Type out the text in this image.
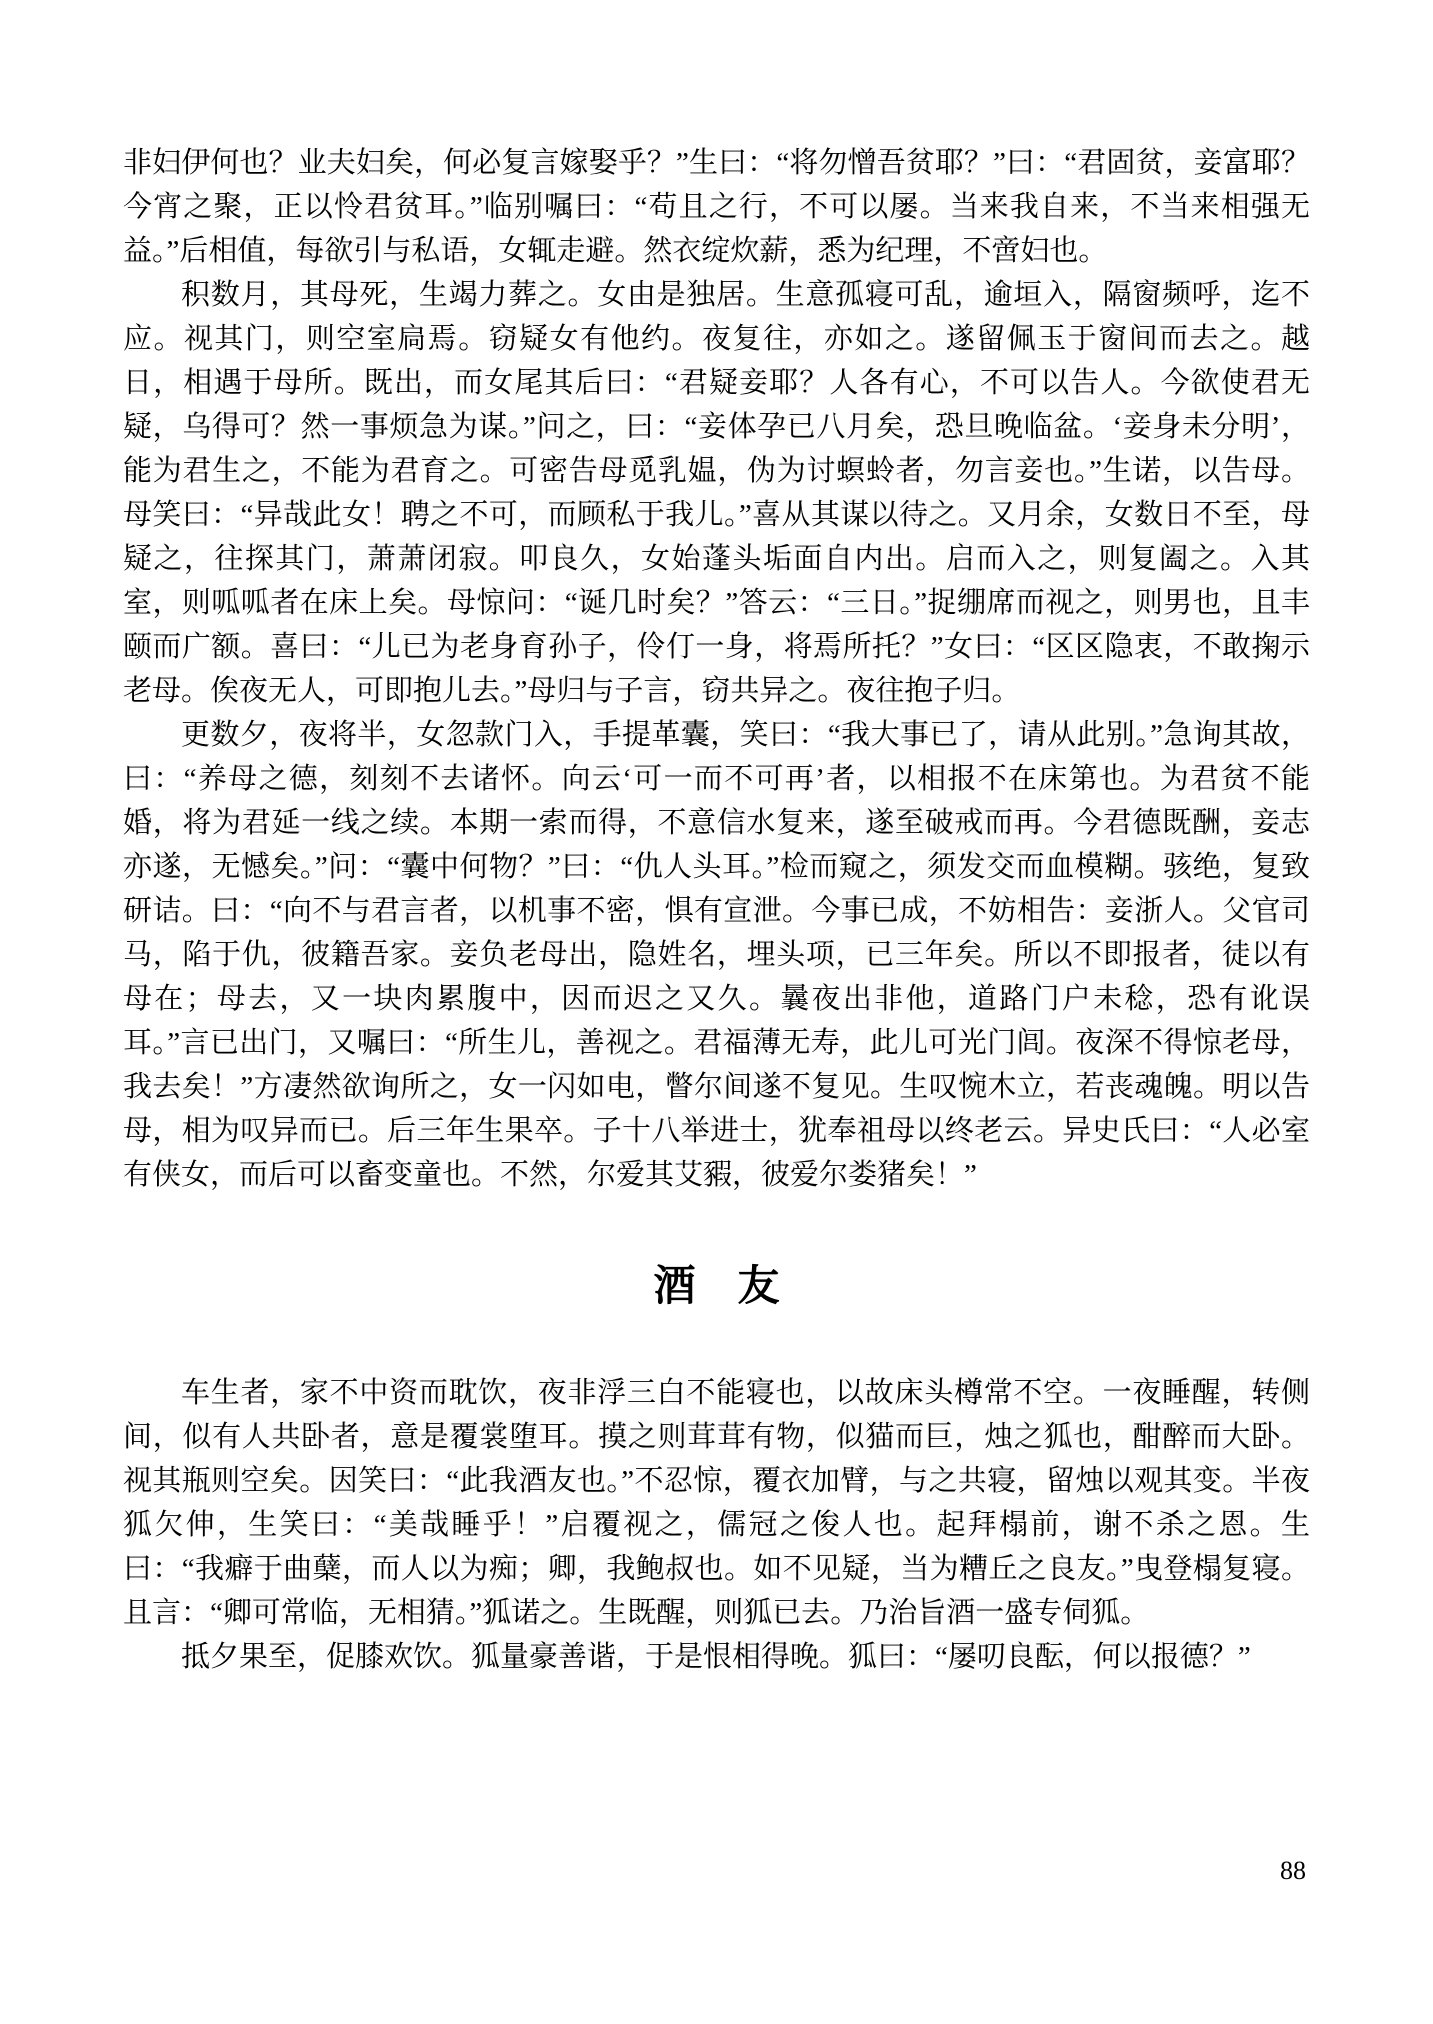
非妇伊何也？业夫妇矣，何必复言嫁娶乎？”生曰：“将勿憎吾贫耶？”曰：“君固贫，妾富耶？今宵之聚，正以怜君贫耳。”临别嘱曰：“苟且之行，不可以屡。当来我自来，不当来相强无益。”后相值，每欲引与私语，女辄走避。然衣绽炊薪，悉为纪理，不啻妇也。

积数月，其母死，生竭力葬之。女由是独居。生意孤寝可乱，逾垣入，隔窗频呼，迄不应。视其门，则空室扃焉。窃疑女有他约。夜复往，亦如之。遂留佩玉于窗间而去之。越日，相遇于母所。既出，而女尾其后曰：“君疑妾耶？人各有心，不可以告人。今欲使君无疑，乌得可？然一事烦急为谋。”问之，曰：“妾体孕已八月矣，恐旦晚临盆。‘妾身未分明’，能为君生之，不能为君育之。可密告母觅乳媪，伪为讨螟蛉者，勿言妾也。”生诺，以告母。母笑曰：“异哉此女！聘之不可，而顾私于我儿。”喜从其谋以待之。又月余，女数日不至，母疑之，往探其门，萧萧闭寂。叩良久，女始蓬头垢面自内出。启而入之，则复阖之。入其室，则呱呱者在床上矣。母惊问：“诞几时矣？”答云：“三日。”捉绷席而视之，则男也，且丰颐而广额。喜曰：“儿已为老身育孙子，伶仃一身，将焉所托？”女曰：“区区隐衷，不敢掬示老母。俟夜无人，可即抱儿去。”母归与子言，窃共异之。夜往抱子归。

更数夕，夜将半，女忽款门入，手提革囊，笑曰：“我大事已了，请从此别。”急询其故，曰：“养母之德，刻刻不去诸怀。向云‘可一而不可再’者，以相报不在床第也。为君贫不能婚，将为君延一线之续。本期一索而得，不意信水复来，遂至破戒而再。今君德既酬，妾志亦遂，无憾矣。”问：“囊中何物？”曰：“仇人头耳。”检而窥之，须发交而血模糊。骇绝，复致研诘。曰：“向不与君言者，以机事不密，惧有宣泄。今事已成，不妨相告：妾浙人。父官司马，陷于仇，彼籍吾家。妾负老母出，隐姓名，埋头项，已三年矣。所以不即报者，徒以有母在；母去，又一块肉累腹中，因而迟之又久。曩夜出非他，道路门户未稔，恐有讹误耳。”言已出门，又嘱曰：“所生儿，善视之。君福薄无寿，此儿可光门闾。夜深不得惊老母，我去矣！”方凄然欲询所之，女一闪如电，瞥尔间遂不复见。生叹惋木立，若丧魂魄。明以告母，相为叹异而已。后三年生果卒。子十八举进士，犹奉祖母以终老云。异史氏曰：“人必室有侠女，而后可以畜变童也。不然，尔爱其艾豭，彼爱尔娄猪矣！”

酒　友

车生者，家不中资而耽饮，夜非浮三白不能寝也，以故床头樽常不空。一夜睡醒，转侧间，似有人共卧者，意是覆裳堕耳。摸之则茸茸有物，似猫而巨，烛之狐也，酣醉而大卧。视其瓶则空矣。因笑曰：“此我酒友也。”不忍惊，覆衣加臂，与之共寝，留烛以观其变。半夜狐欠伸，生笑曰：“美哉睡乎！”启覆视之，儒冠之俊人也。起拜榻前，谢不杀之恩。生曰：“我癖于曲蘖，而人以为痴；卿，我鲍叔也。如不见疑，当为糟丘之良友。”曳登榻复寝。且言：“卿可常临，无相猜。”狐诺之。生既醒，则狐已去。乃治旨酒一盛专伺狐。

抵夕果至，促膝欢饮。狐量豪善谐，于是恨相得晚。狐曰：“屡叨良酝，何以报德？”

88
